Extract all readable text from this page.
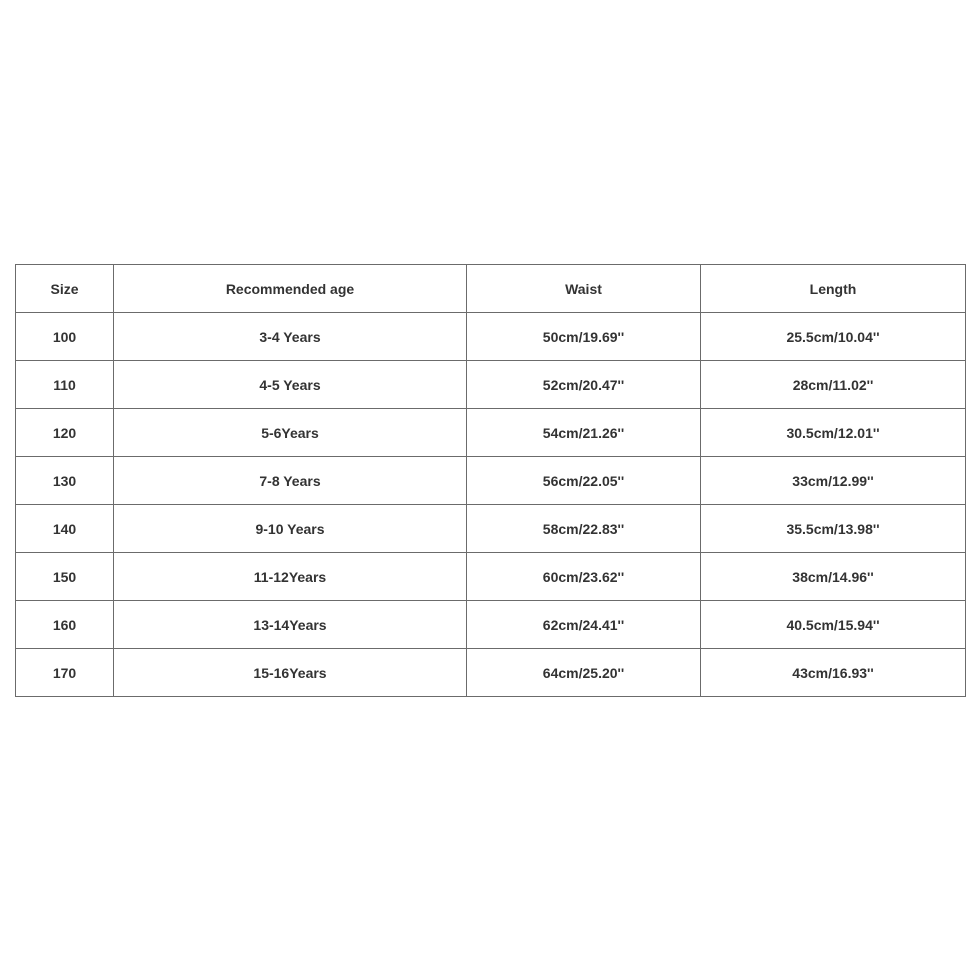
Size	Recommended age	Waist	Length
100	3-4 Years	50cm/19.69''	25.5cm/10.04''
110	4-5 Years	52cm/20.47''	28cm/11.02''
120	5-6Years	54cm/21.26''	30.5cm/12.01''
130	7-8 Years	56cm/22.05''	33cm/12.99''
140	9-10 Years	58cm/22.83''	35.5cm/13.98''
150	11-12Years	60cm/23.62''	38cm/14.96''
160	13-14Years	62cm/24.41''	40.5cm/15.94''
170	15-16Years	64cm/25.20''	43cm/16.93''
